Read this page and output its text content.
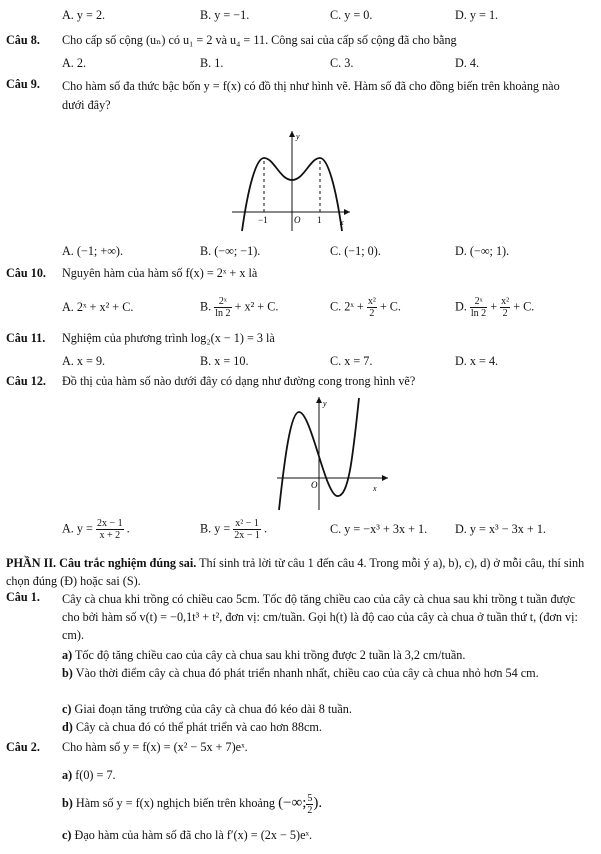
A. y = 2.	B. y = −1.	C. y = 0.	D. y = 1.
Câu 8. Cho cấp số cộng (uₙ) có u₁ = 2 và u₄ = 11. Công sai của cấp số cộng đã cho bằng
A. 2.	B. 1.	C. 3.	D. 4.
Câu 9. Cho hàm số đa thức bậc bốn y = f(x) có đồ thị như hình vẽ. Hàm số đã cho đồng biến trên khoảng nào dưới đây?
y
x
O
−1	1
A. (−1; +∞).	B. (−∞; −1).	C. (−1; 0).	D. (−∞; 1).
Câu 10. Nguyên hàm của hàm số f(x) = 2ˣ + x là
A. 2ˣ + x² + C.	B. $\frac{\text{2ˣ}}{\ln 2} + x^2 + C$.	C. 2ˣ + $\frac{\text{x²}}{2} + C$.	D. $\frac{\text{2ˣ}}{\ln 2} + \frac{\text{x²}}{2} + C$.
Câu 11. Nghiệm của phương trình log₂(x − 1) = 3 là
A. x = 9.	B. x = 10.	C. x = 7.	D. x = 4.
Câu 12. Đồ thị của hàm số nào dưới đây có dạng như đường cong trong hình vẽ?
y
x
O
A. $y = \frac{2x - 1}{x + 2}$ .	B. $y = \frac{\text{x² − 1}}{2x - 1}$ .	C. y = −x³ + 3x + 1. D. y = x³ − 3x + 1.
PHẦN II. Câu trắc nghiệm đúng sai. Thí sinh trả lời từ câu 1 đến câu 4. Trong mỗi ý a), b), c), d) ở mỗi câu, thí sinh chọn đúng (Đ) hoặc sai (S).
Câu 1. Cây cà chua khi trồng có chiều cao 5cm. Tốc độ tăng chiều cao của cây cà chua sau khi trồng t tuần được cho bởi hàm số v(t) = −0,1t³ + t², đơn vị: cm/tuần. Gọi h(t) là độ cao của cây cà chua ở tuần thứ t, (đơn vị: cm).
a) Tốc độ tăng chiều cao của cây cà chua sau khi trồng được 2 tuần là 3,2 cm/tuần.
b) Vào thời điểm cây cà chua đó phát triển nhanh nhất, chiều cao của cây cà chua nhỏ hơn 54 cm.
c) Giai đoạn tăng trưởng của cây cà chua đó kéo dài 8 tuần.
d) Cây cà chua đó có thể phát triển và cao hơn 88cm.
Câu 2. Cho hàm số y = f(x) = (x² − 5x + 7)eˣ.
a) f(0) = 7.
b) Hàm số y = f(x) nghịch biến trên khoảng (−∞; $\frac{5}{2}$ ).
c) Đạo hàm của hàm số đã cho là f′(x) = (2x − 5)eˣ.
